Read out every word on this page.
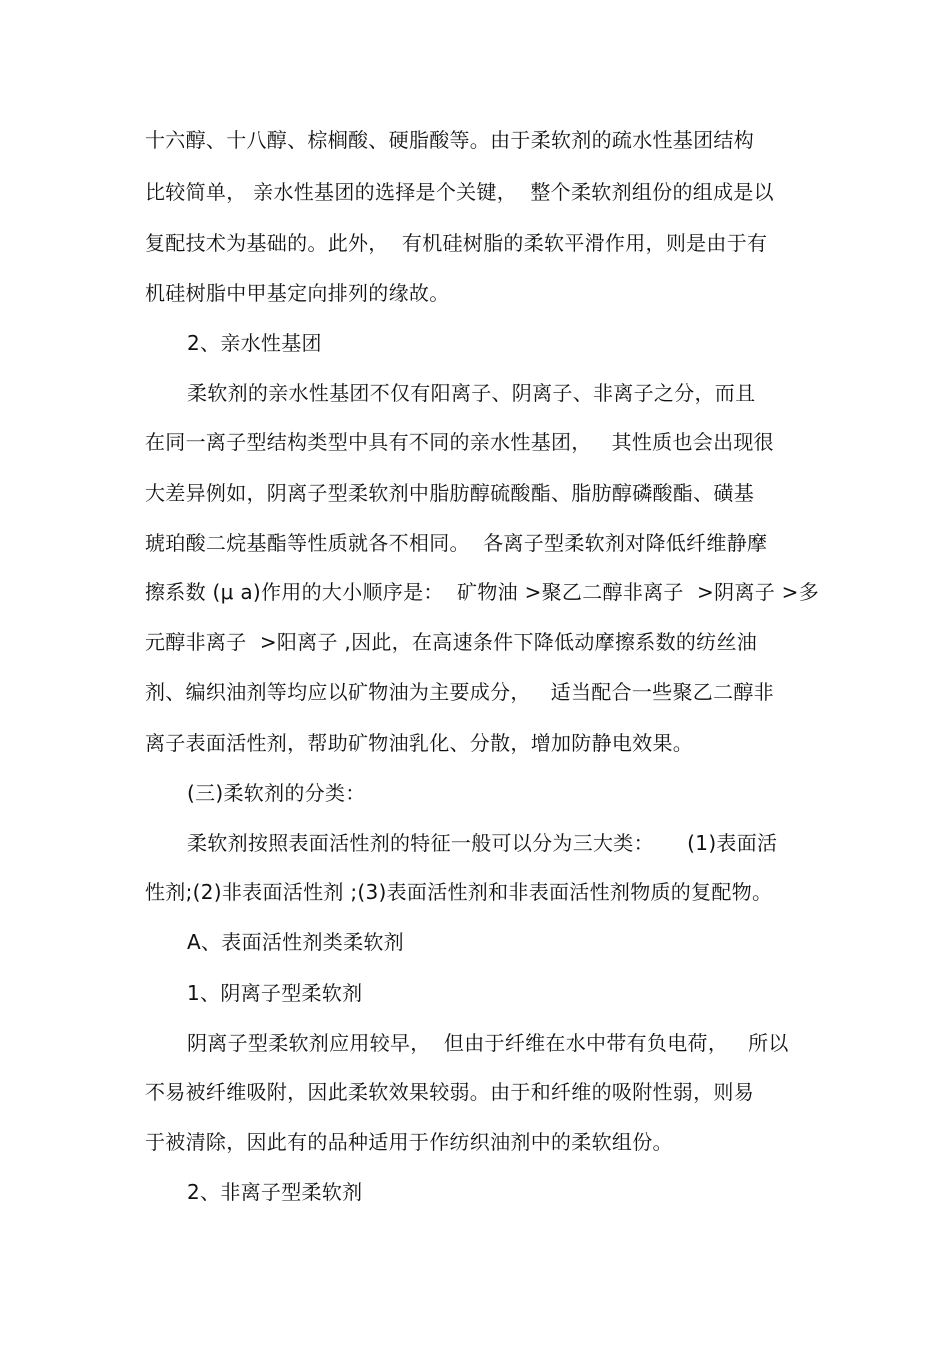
十六醇、十八醇、棕榈酸、硬脂酸等。由于柔软剂的疏水性基团结构
比较简单， 亲水性基团的选择是个关键，  整个柔软剂组份的组成是以
复配技术为基础的。此外，  有机硅树脂的柔软平滑作用，则是由于有
机硅树脂中甲基定向排列的缘故。
2、亲水性基团
柔软剂的亲水性基团不仅有阳离子、阴离子、非离子之分，而且
在同一离子型结构类型中具有不同的亲水性基团，   其性质也会出现很
大差异例如，阴离子型柔软剂中脂肪醇硫酸酯、脂肪醇磷酸酯、磺基
琥珀酸二烷基酯等性质就各不相同。  各离子型柔软剂对降低纤维静摩
擦系数 (μ a)作用的大小顺序是：  矿物油 >聚乙二醇非离子  >阴离子 >多
元醇非离子  >阳离子 ,因此，在高速条件下降低动摩擦系数的纺丝油
剂、编织油剂等均应以矿物油为主要成分，   适当配合一些聚乙二醇非
离子表面活性剂，帮助矿物油乳化、分散，增加防静电效果。
(三)柔软剂的分类：
柔软剂按照表面活性剂的特征一般可以分为三大类：     (1)表面活
性剂;(2)非表面活性剂 ;(3)表面活性剂和非表面活性剂物质的复配物。
A、表面活性剂类柔软剂
1、阴离子型柔软剂
阴离子型柔软剂应用较早，  但由于纤维在水中带有负电荷，   所以
不易被纤维吸附，因此柔软效果较弱。由于和纤维的吸附性弱，则易
于被清除，因此有的品种适用于作纺织油剂中的柔软组份。
2、非离子型柔软剂
